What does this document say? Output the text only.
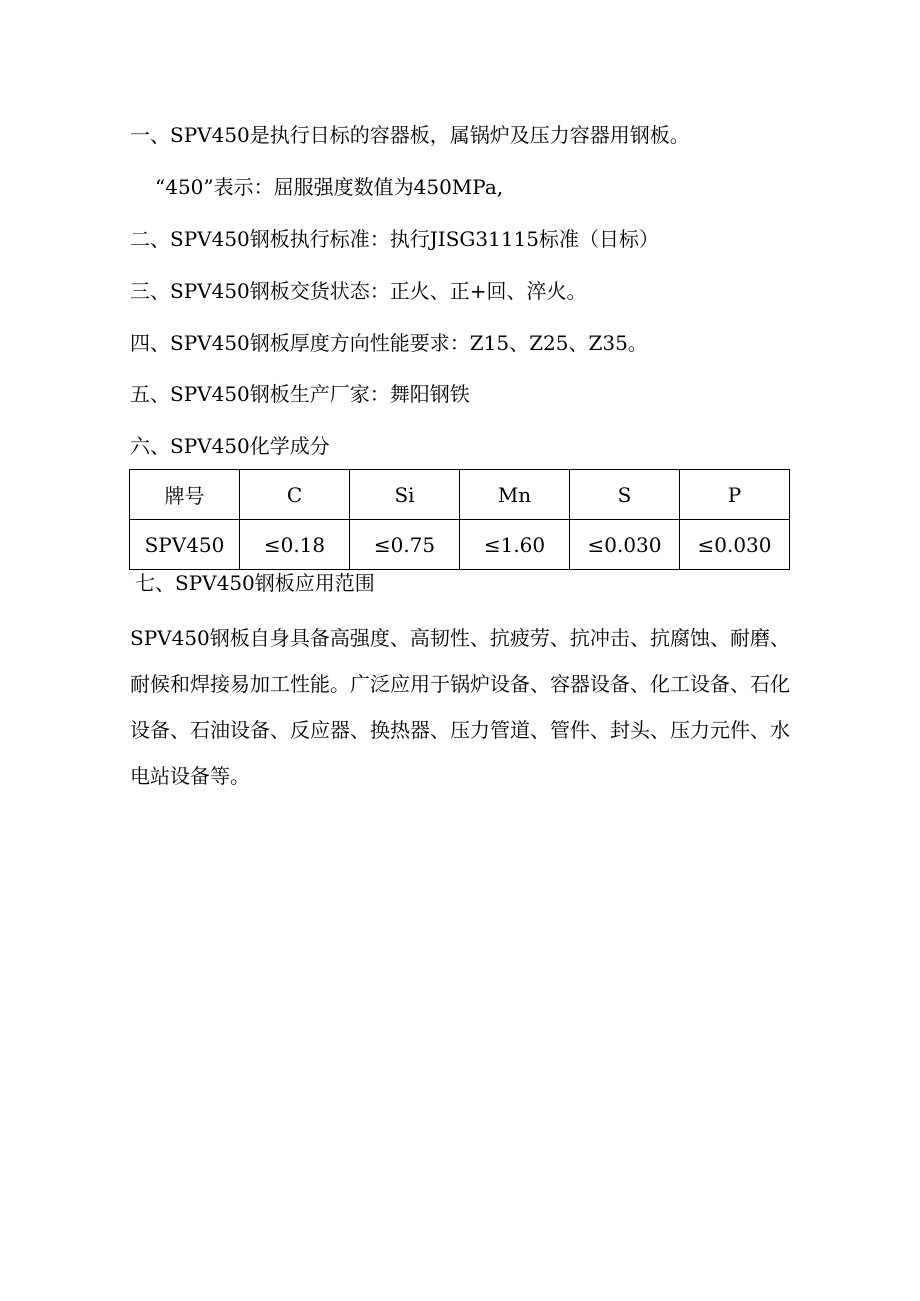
一、SPV450是执行日标的容器板，属锅炉及压力容器用钢板。

“450”表示：屈服强度数值为450MPa,

二、SPV450钢板执行标准：执行JISG31115标准（日标）

三、SPV450钢板交货状态：正火、正+回、淬火。

四、SPV450钢板厚度方向性能要求：Z15、Z25、Z35。

五、SPV450钢板生产厂家：舞阳钢铁

六、SPV450化学成分

牌号	C	Si	Mn	S	P
SPV450	≤0.18	≤0.75	≤1.60	≤0.030	≤0.030

七、SPV450钢板应用范围

SPV450钢板自身具备高强度、高韧性、抗疲劳、抗冲击、抗腐蚀、耐磨、耐候和焊接易加工性能。广泛应用于锅炉设备、容器设备、化工设备、石化设备、石油设备、反应器、换热器、压力管道、管件、封头、压力元件、水电站设备等。
